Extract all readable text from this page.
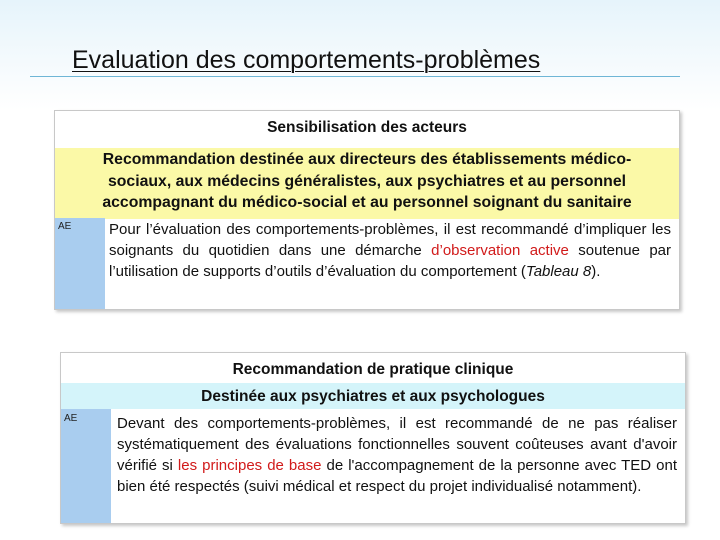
Evaluation des comportements-problèmes
Sensibilisation des acteurs
Recommandation destinée aux directeurs des établissements médico-
sociaux, aux médecins généralistes, aux psychiatres et au personnel
accompagnant du médico-social et au personnel soignant du sanitaire
AE	Pour l’évaluation des comportements-problèmes, il est recommandé d’impliquer les soignants du quotidien dans une démarche d’observation active soutenue par l’utilisation de supports d’outils d’évaluation du comportement (Tableau 8).
Recommandation de pratique clinique
Destinée aux psychiatres et aux psychologues
AE	Devant des comportements-problèmes, il est recommandé de ne pas réaliser systématiquement des évaluations fonctionnelles souvent coûteuses avant d'avoir vérifié si les principes de base de l'accompagnement de la personne avec TED ont bien été respectés (suivi médical et respect du projet individualisé notamment).
